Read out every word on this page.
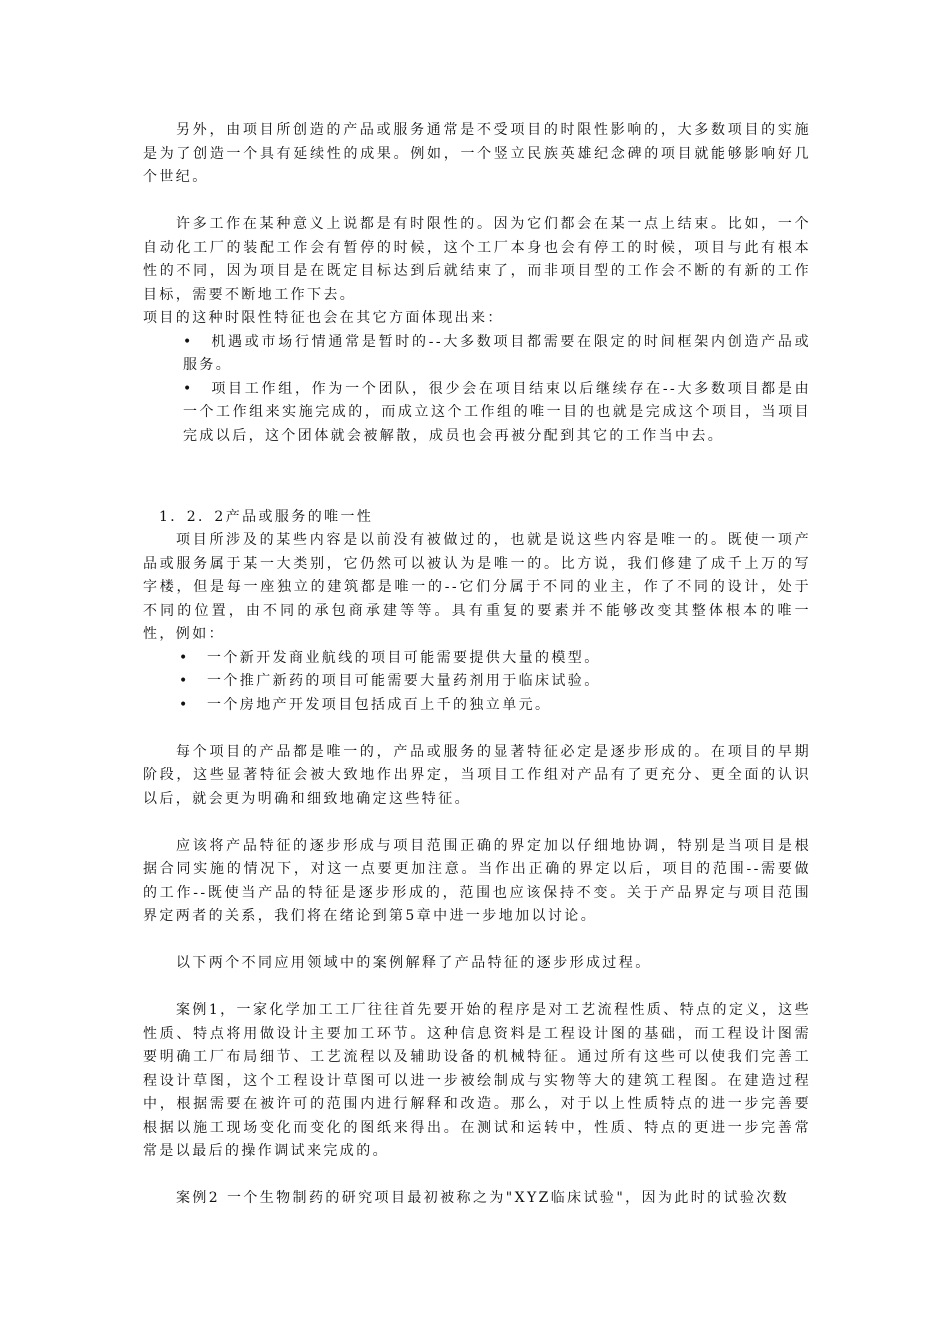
另外，由项目所创造的产品或服务通常是不受项目的时限性影响的，大多数项目的实施是为了创造一个具有延续性的成果。例如，一个竖立民族英雄纪念碑的项目就能够影响好几个世纪。

许多工作在某种意义上说都是有时限性的。因为它们都会在某一点上结束。比如，一个自动化工厂的装配工作会有暂停的时候，这个工厂本身也会有停工的时候，项目与此有根本性的不同，因为项目是在既定目标达到后就结束了，而非项目型的工作会不断的有新的工作目标，需要不断地工作下去。

项目的这种时限性特征也会在其它方面体现出来：

• 机遇或市场行情通常是暂时的--大多数项目都需要在限定的时间框架内创造产品或服务。

• 项目工作组，作为一个团队，很少会在项目结束以后继续存在--大多数项目都是由一个工作组来实施完成的，而成立这个工作组的唯一目的也就是完成这个项目，当项目完成以后，这个团体就会被解散，成员也会再被分配到其它的工作当中去。

1．2．2产品或服务的唯一性

项目所涉及的某些内容是以前没有被做过的，也就是说这些内容是唯一的。既使一项产品或服务属于某一大类别，它仍然可以被认为是唯一的。比方说，我们修建了成千上万的写字楼，但是每一座独立的建筑都是唯一的--它们分属于不同的业主，作了不同的设计，处于不同的位置，由不同的承包商承建等等。具有重复的要素并不能够改变其整体根本的唯一性，例如：

• 一个新开发商业航线的项目可能需要提供大量的模型。

• 一个推广新药的项目可能需要大量药剂用于临床试验。

• 一个房地产开发项目包括成百上千的独立单元。

每个项目的产品都是唯一的，产品或服务的显著特征必定是逐步形成的。在项目的早期阶段，这些显著特征会被大致地作出界定，当项目工作组对产品有了更充分、更全面的认识以后，就会更为明确和细致地确定这些特征。

应该将产品特征的逐步形成与项目范围正确的界定加以仔细地协调，特别是当项目是根据合同实施的情况下，对这一点要更加注意。当作出正确的界定以后，项目的范围--需要做的工作--既使当产品的特征是逐步形成的，范围也应该保持不变。关于产品界定与项目范围界定两者的关系，我们将在绪论到第5章中进一步地加以讨论。

以下两个不同应用领域中的案例解释了产品特征的逐步形成过程。

案例1，一家化学加工工厂往往首先要开始的程序是对工艺流程性质、特点的定义，这些性质、特点将用做设计主要加工环节。这种信息资料是工程设计图的基础，而工程设计图需要明确工厂布局细节、工艺流程以及辅助设备的机械特征。通过所有这些可以使我们完善工程设计草图，这个工程设计草图可以进一步被绘制成与实物等大的建筑工程图。在建造过程中，根据需要在被许可的范围内进行解释和改造。那么，对于以上性质特点的进一步完善要根据以施工现场变化而变化的图纸来得出。在测试和运转中，性质、特点的更进一步完善常常是以最后的操作调试来完成的。

案例2 一个生物制药的研究项目最初被称之为"XYZ临床试验"，因为此时的试验次数
